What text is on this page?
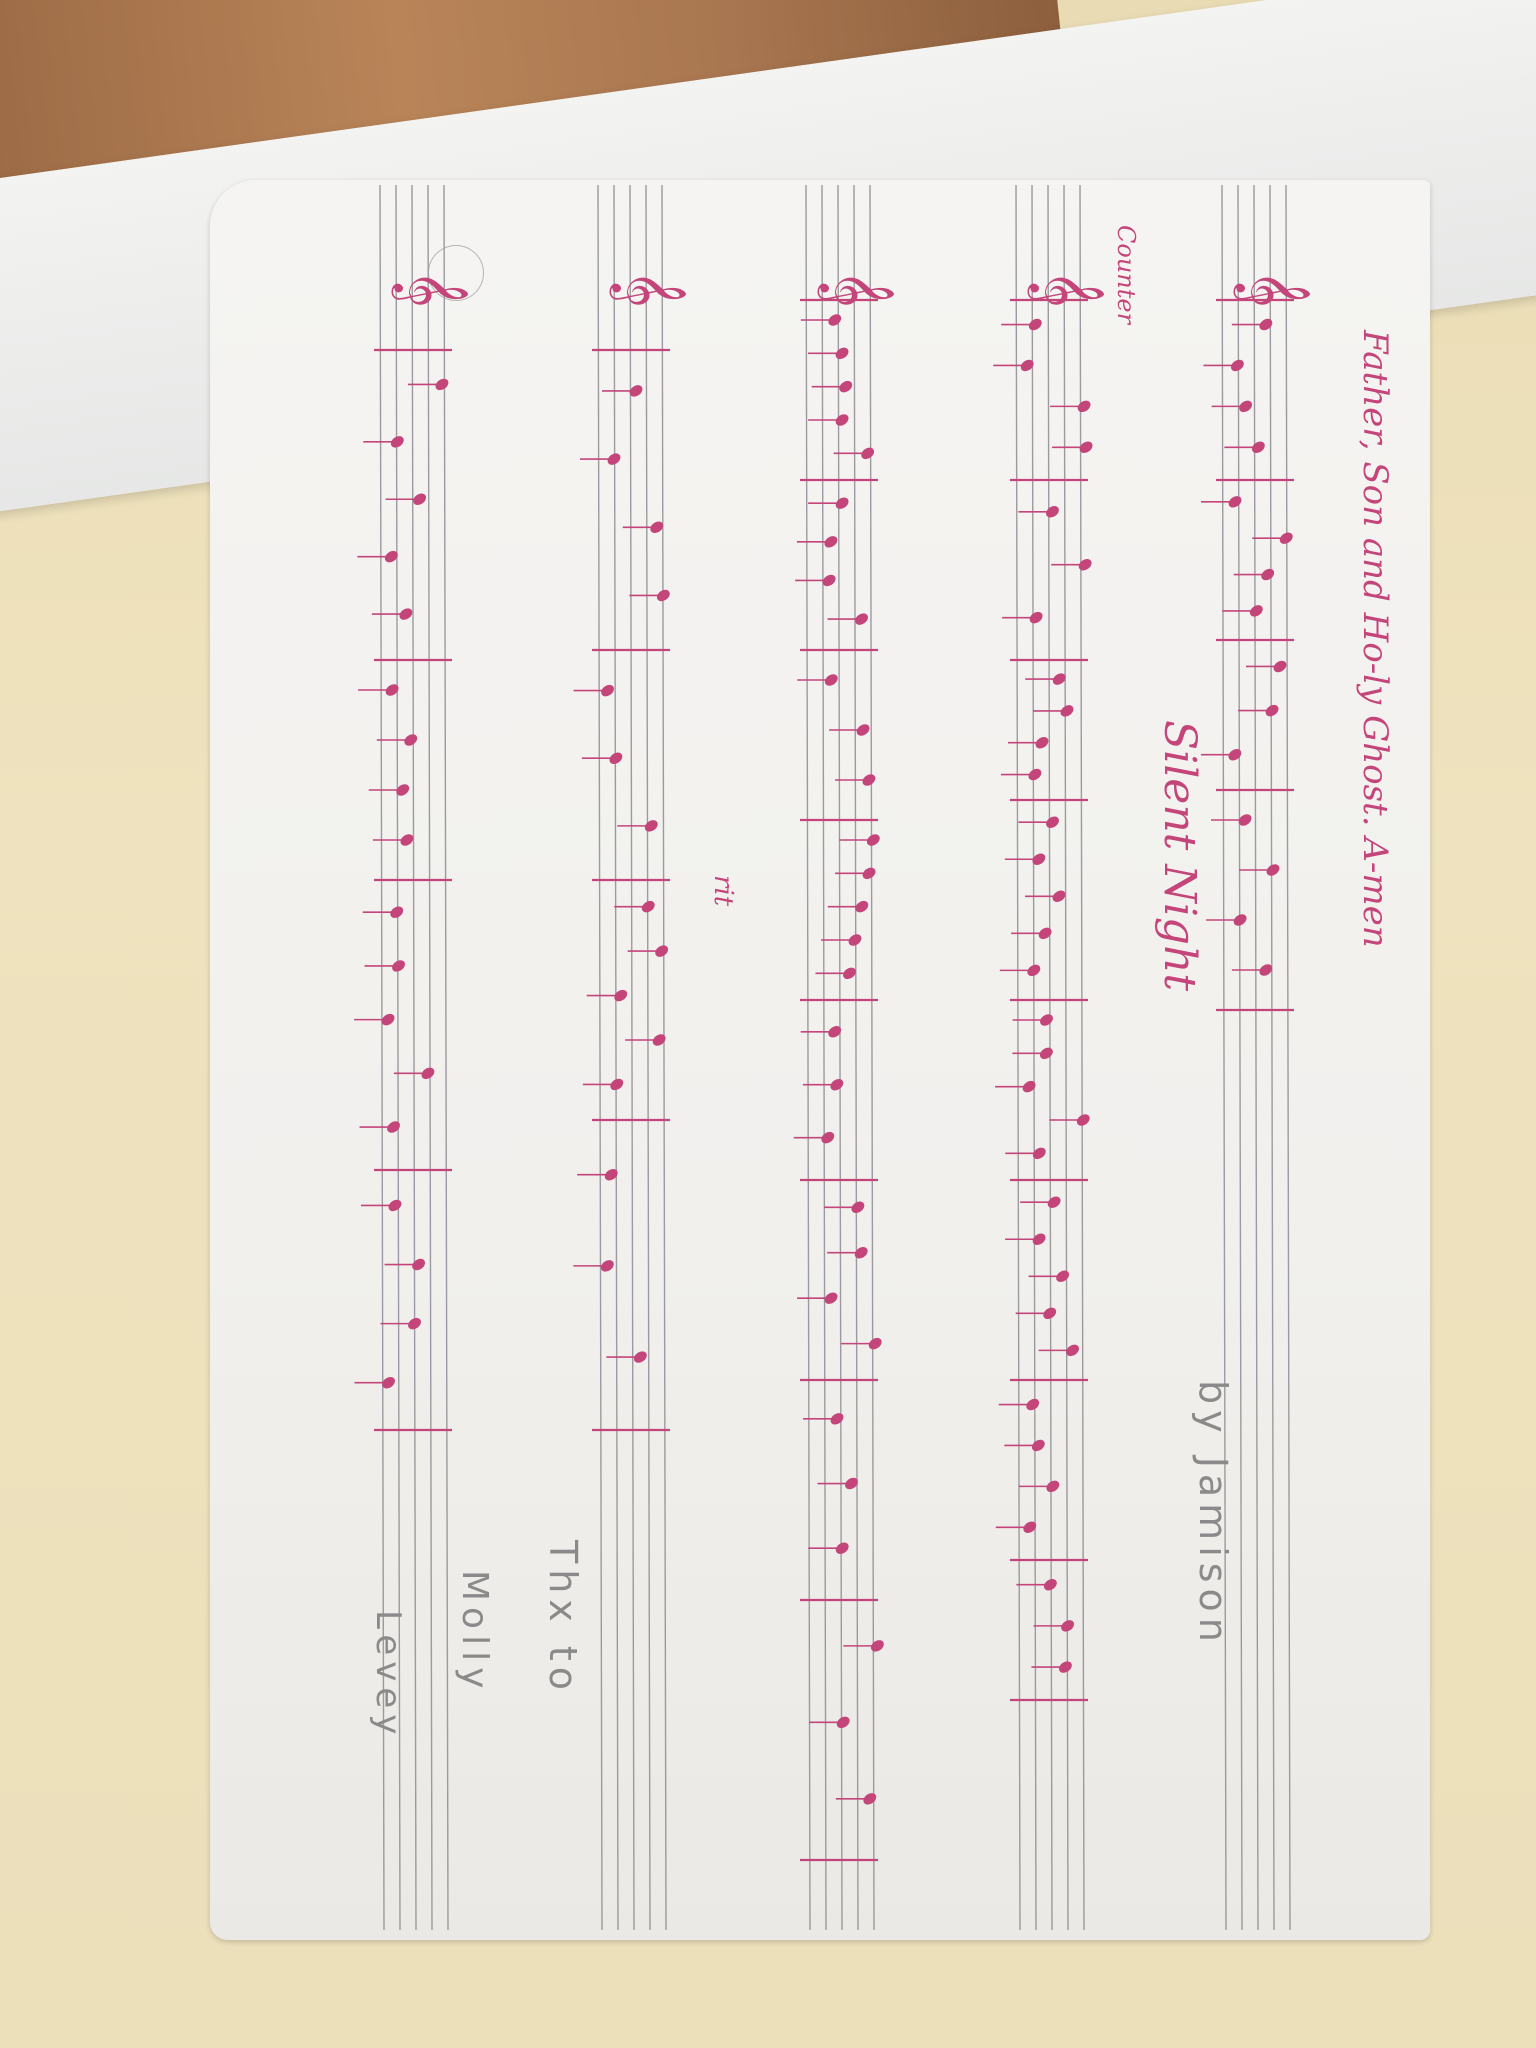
𝄞
𝄞
𝄞
𝄞
𝄞
Father, Son and Ho-ly Ghost. A-men
Silent Night
Counter
rit
by Jamison
Thx to
Molly
Levey
